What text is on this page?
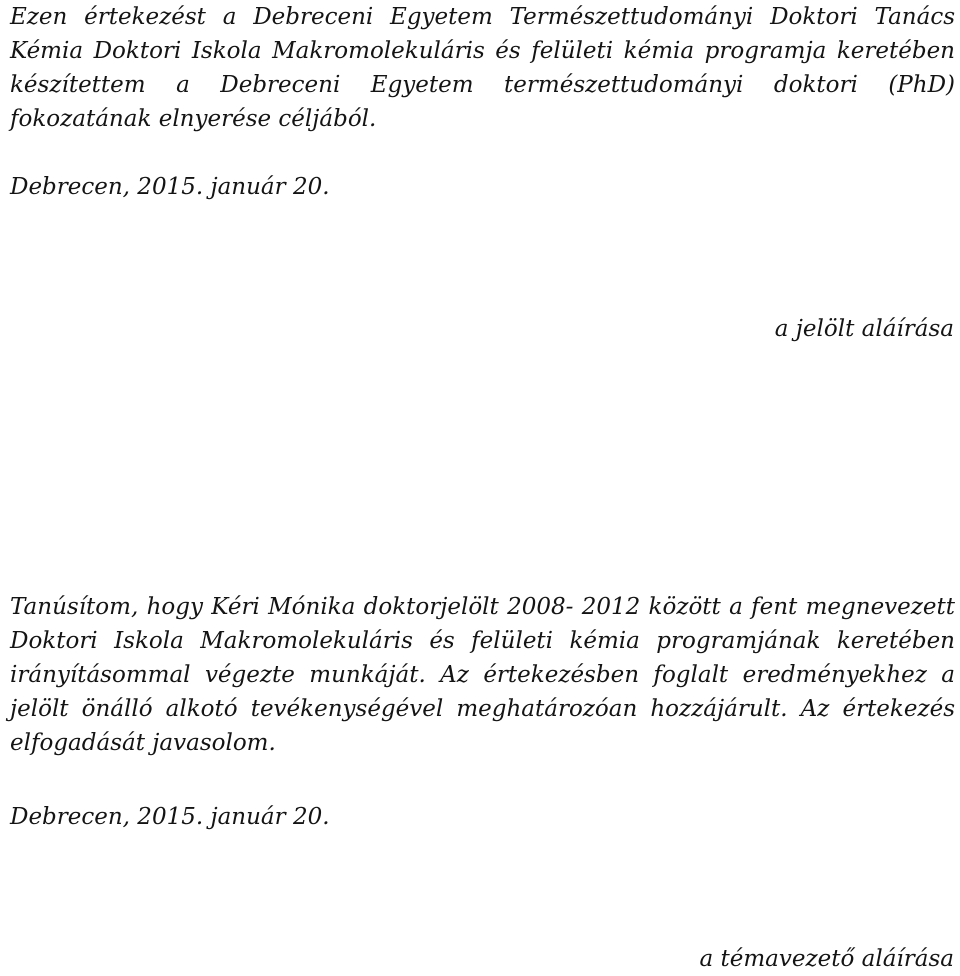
Ezen értekezést a Debreceni Egyetem Természettudományi Doktori Tanács Kémia Doktori Iskola Makromolekuláris és felületi kémia programja keretében készítettem a Debreceni Egyetem természettudományi doktori (PhD) fokozatának elnyerése céljából.

Debrecen, 2015. január 20.

a jelölt aláírása

Tanúsítom, hogy Kéri Mónika doktorjelölt 2008- 2012 között a fent megnevezett Doktori Iskola Makromolekuláris és felületi kémia programjának keretében irányításommal végezte munkáját. Az értekezésben foglalt eredményekhez a jelölt önálló alkotó tevékenységével meghatározóan hozzájárult. Az értekezés elfogadását javasolom.

Debrecen, 2015. január 20.

a témavezető aláírása
